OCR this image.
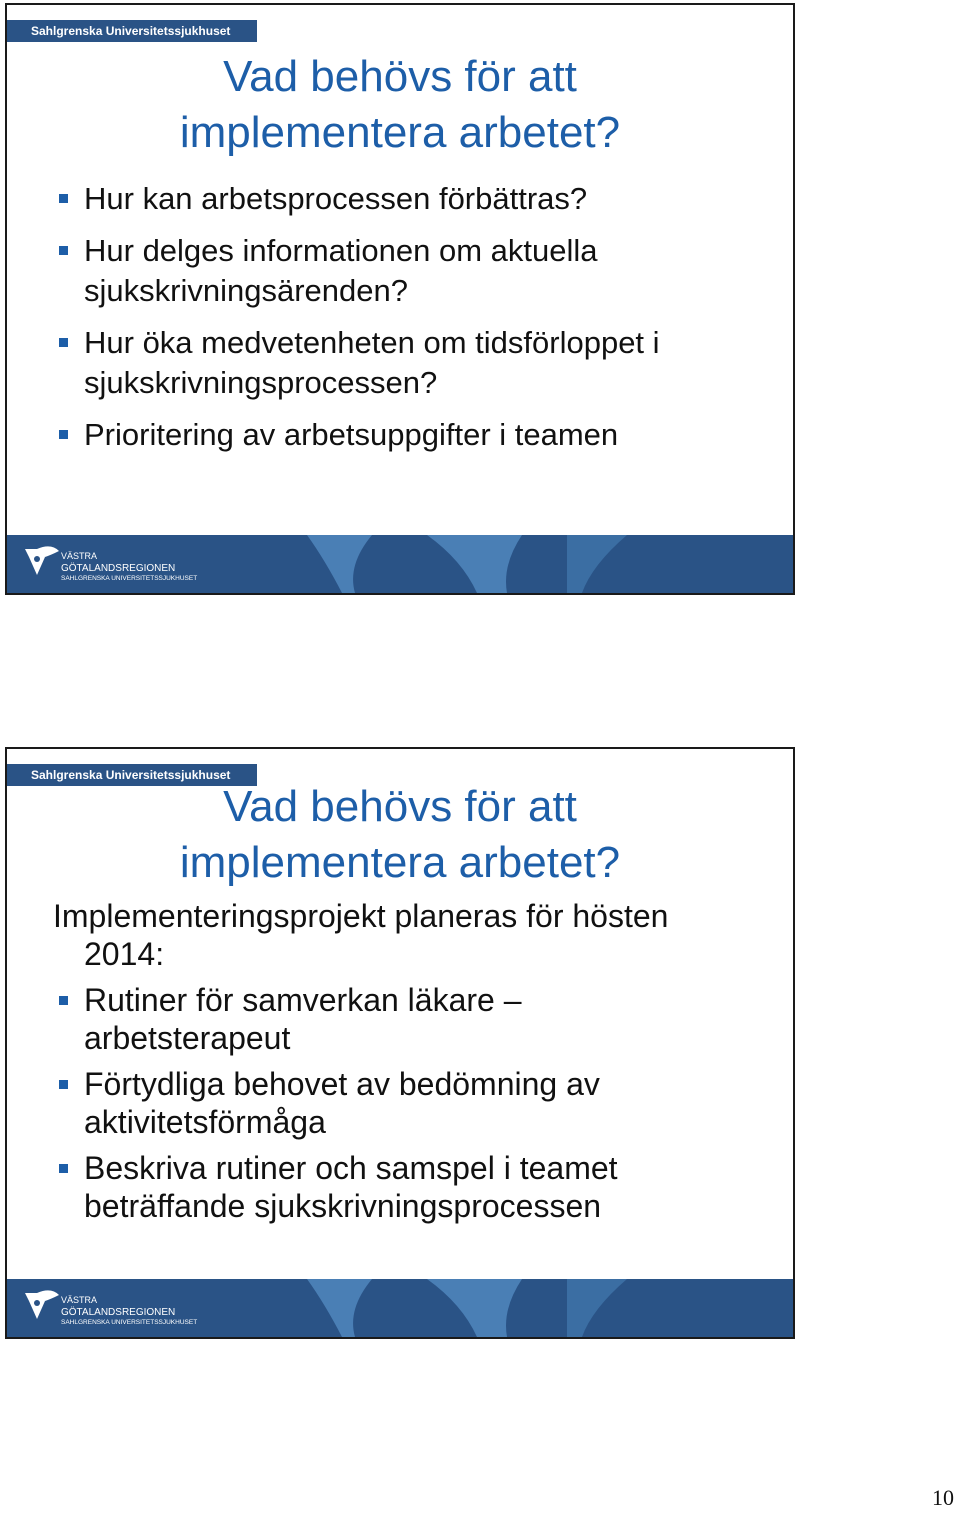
Sahlgrenska Universitetssjukhuset
Vad behövs för att
implementera arbetet?
Hur kan arbetsprocessen förbättras?
Hur delges informationen om aktuella
sjukskrivningsärenden?
Hur öka medvetenheten om tidsförloppet i
sjukskrivningsprocessen?
Prioritering av arbetsuppgifter i teamen
VÄSTRA
GÖTALANDSREGIONEN
SAHLGRENSKA UNIVERSITETSSJUKHUSET
Sahlgrenska Universitetssjukhuset
Vad behövs för att
implementera arbetet?
Implementeringsprojekt planeras för hösten
2014:
Rutiner för samverkan läkare –
arbetsterapeut
Förtydliga behovet av bedömning av
aktivitetsförmåga
Beskriva rutiner och samspel i teamet
beträffande sjukskrivningsprocessen
VÄSTRA
GÖTALANDSREGIONEN
SAHLGRENSKA UNIVERSITETSSJUKHUSET
10
